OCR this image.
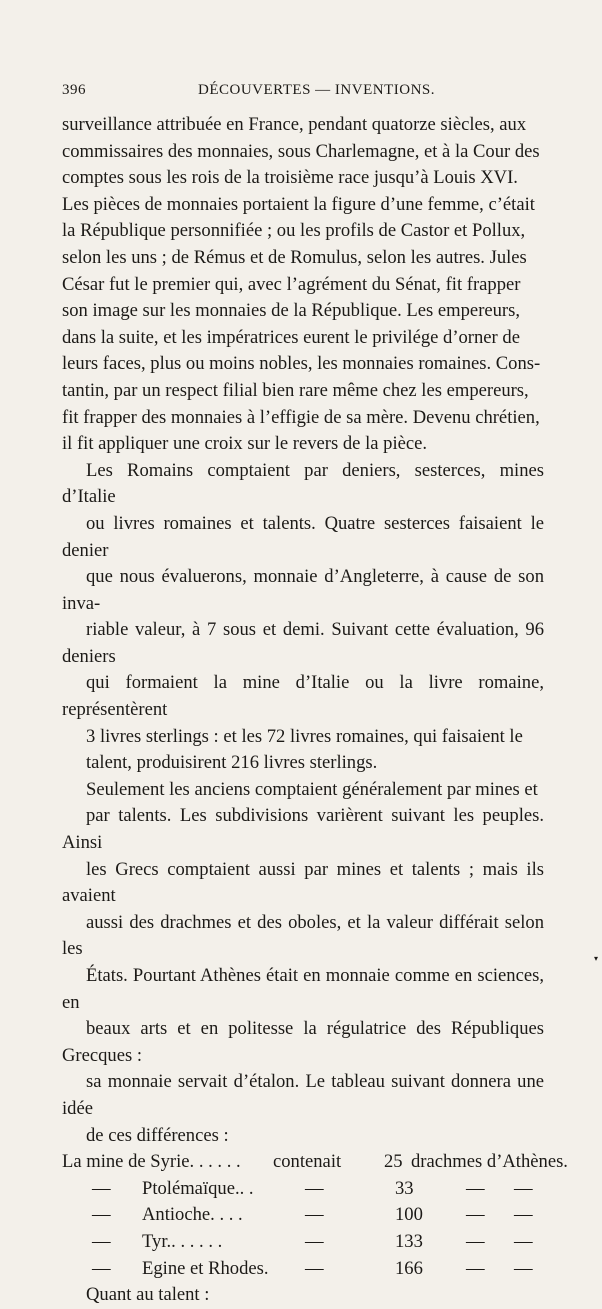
396	DÉCOUVERTES — INVENTIONS.

surveillance attribuée en France, pendant quatorze siècles, aux
commissaires des monnaies, sous Charlemagne, et à la Cour des
comptes sous les rois de la troisième race jusqu’à Louis XVI.
Les pièces de monnaies portaient la figure d’une femme, c’était
la République personnifiée ; ou les profils de Castor et Pollux,
selon les uns ; de Rémus et de Romulus, selon les autres. Jules
César fut le premier qui, avec l’agrément du Sénat, fit frapper
son image sur les monnaies de la République. Les empereurs,
dans la suite, et les impératrices eurent le privilége d’orner de
leurs faces, plus ou moins nobles, les monnaies romaines. Cons-
tantin, par un respect filial bien rare même chez les empereurs,
fit frapper des monnaies à l’effigie de sa mère. Devenu chrétien,
il fit appliquer une croix sur le revers de la pièce.

Les Romains comptaient par deniers, sesterces, mines d’Italie
ou livres romaines et talents. Quatre sesterces faisaient le denier
que nous évaluerons, monnaie d’Angleterre, à cause de son inva-
riable valeur, à 7 sous et demi. Suivant cette évaluation, 96 deniers
qui formaient la mine d’Italie ou la livre romaine, représentèrent
3 livres sterlings : et les 72 livres romaines, qui faisaient le
talent, produisirent 216 livres sterlings.

Seulement les anciens comptaient généralement par mines et
par talents. Les subdivisions varièrent suivant les peuples. Ainsi
les Grecs comptaient aussi par mines et talents ; mais ils avaient
aussi des drachmes et des oboles, et la valeur différait selon les
États. Pourtant Athènes était en monnaie comme en sciences, en
beaux arts et en politesse la régulatrice des Républiques Grecques :
sa monnaie servait d’étalon. Le tableau suivant donnera une idée
de ces différences :

La mine de Syrie. . . . . . contenait 25 drachmes d’Athènes.
— Ptolémaïque.. .	—	33	— —
— Antioche. . . .	—	100 — —
— Tyr.. . . . . .	—	133 — —
— Egine et Rhodes. —	166 — —
Quant au talent :
▾
